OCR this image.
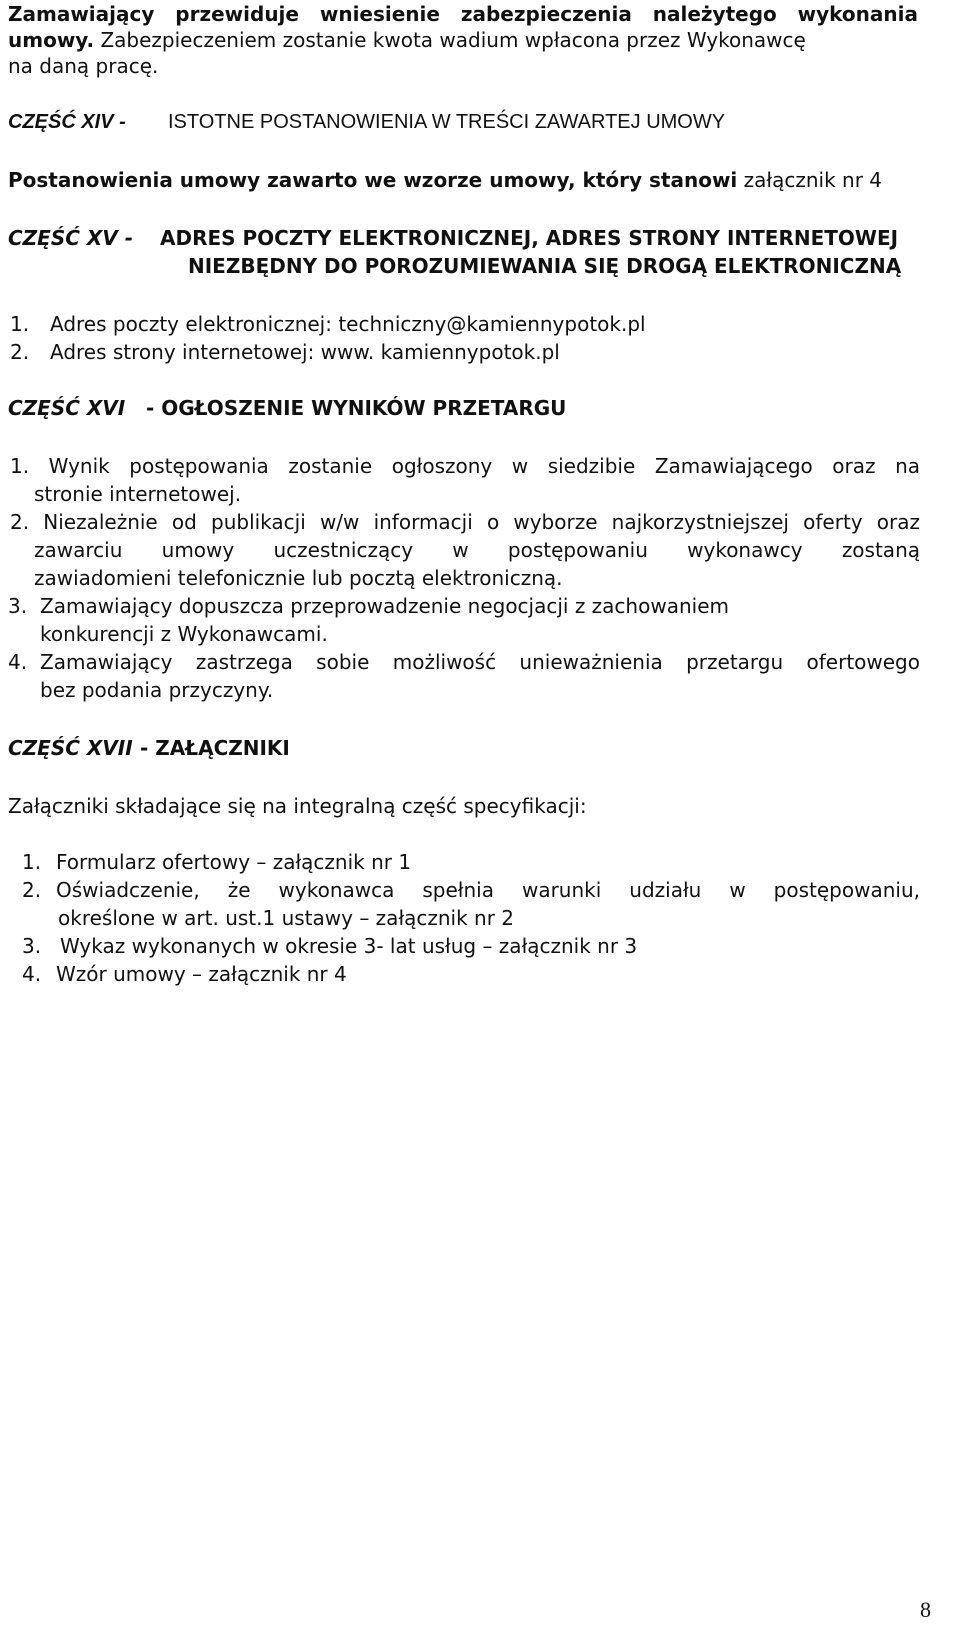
Zamawiający przewiduje wniesienie zabezpieczenia należytego wykonania
umowy. Zabezpieczeniem zostanie kwota wadium wpłacona przez Wykonawcę
na daną pracę.
CZĘŚĆ XIV - ISTOTNE POSTANOWIENIA W TREŚCI ZAWARTEJ UMOWY
Postanowienia umowy zawarto we wzorze umowy, który stanowi załącznik nr 4
CZĘŚĆ XV - ADRES POCZTY ELEKTRONICZNEJ, ADRES STRONY INTERNETOWEJ
NIEZBĘDNY DO POROZUMIEWANIA SIĘ DROGĄ ELEKTRONICZNĄ
1. Adres poczty elektronicznej: techniczny@kamiennypotok.pl
2. Adres strony internetowej: www. kamiennypotok.pl
CZĘŚĆ XVI - OGŁOSZENIE WYNIKÓW PRZETARGU
1. Wynik postępowania zostanie ogłoszony w siedzibie Zamawiającego oraz na
stronie internetowej.
2. Niezależnie od publikacji w/w informacji o wyborze najkorzystniejszej oferty oraz
zawarciu umowy uczestniczący w postępowaniu wykonawcy zostaną
zawiadomieni telefonicznie lub pocztą elektroniczną.
3. Zamawiający dopuszcza przeprowadzenie negocjacji z zachowaniem
konkurencji z Wykonawcami.
4. Zamawiający zastrzega sobie możliwość unieważnienia przetargu ofertowego
bez podania przyczyny.
CZĘŚĆ XVII - ZAŁĄCZNIKI
Załączniki składające się na integralną część specyfikacji:
1. Formularz ofertowy – załącznik nr 1
2. Oświadczenie, że wykonawca spełnia warunki udziału w postępowaniu,
określone w art. ust.1 ustawy – załącznik nr 2
3. Wykaz wykonanych w okresie 3- lat usług – załącznik nr 3
4. Wzór umowy – załącznik nr 4
8
